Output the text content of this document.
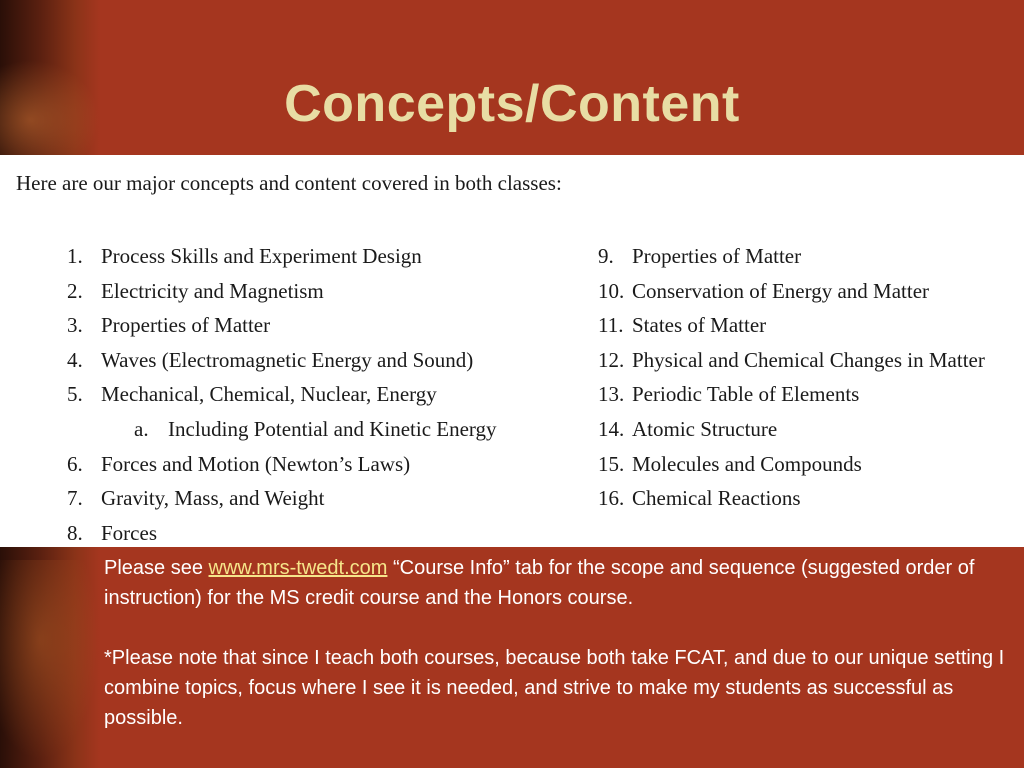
Concepts/Content

Here are our major concepts and content covered in both classes:

1. Process Skills and Experiment Design
2. Electricity and Magnetism
3. Properties of Matter
4. Waves (Electromagnetic Energy and Sound)
5. Mechanical, Chemical, Nuclear, Energy
a. Including Potential and Kinetic Energy
6. Forces and Motion (Newton’s Laws)
7. Gravity, Mass, and Weight
8. Forces
9. Properties of Matter
10. Conservation of Energy and Matter
11. States of Matter
12. Physical and Chemical Changes in Matter
13. Periodic Table of Elements
14. Atomic Structure
15. Molecules and Compounds
16. Chemical Reactions

Please see www.mrs-twedt.com “Course Info” tab for the scope and sequence (suggested order of instruction) for the MS credit course and the Honors course.

*Please note that since I teach both courses, because both take FCAT, and due to our unique setting I combine topics, focus where I see it is needed, and strive to make my students as successful as possible.
